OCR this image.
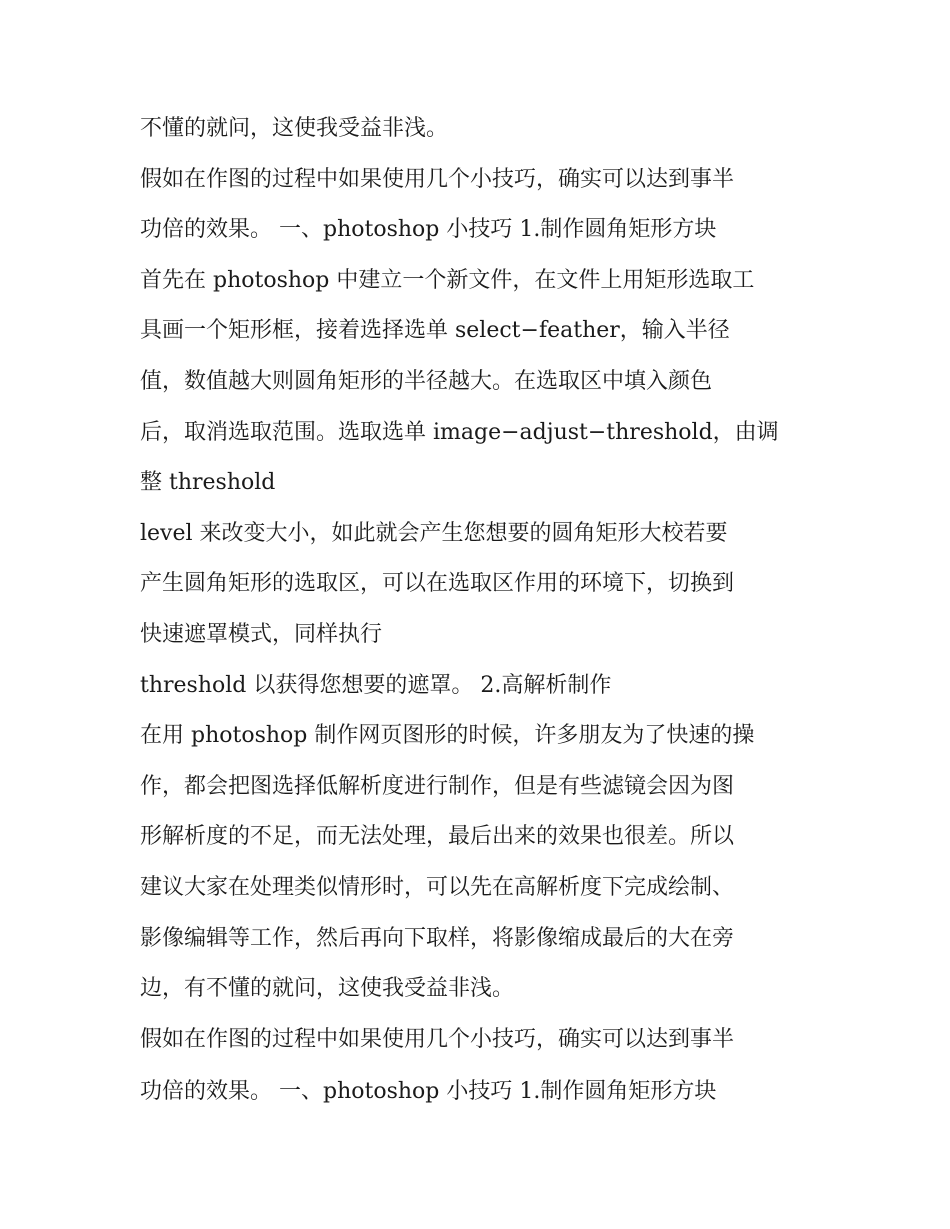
不懂的就问，这使我受益非浅。
假如在作图的过程中如果使用几个小技巧，确实可以达到事半
功倍的效果。 一、photoshop 小技巧 1.制作圆角矩形方块
首先在 photoshop 中建立一个新文件，在文件上用矩形选取工
具画一个矩形框，接着选择选单 select−feather，输入半径
值，数值越大则圆角矩形的半径越大。在选取区中填入颜色
后，取消选取范围。选取选单 image−adjust−threshold，由调
整 threshold
level 来改变大小，如此就会产生您想要的圆角矩形大校若要
产生圆角矩形的选取区，可以在选取区作用的环境下，切换到
快速遮罩模式，同样执行
threshold 以获得您想要的遮罩。 2.高解析制作
在用 photoshop 制作网页图形的时候，许多朋友为了快速的操
作，都会把图选择低解析度进行制作，但是有些滤镜会因为图
形解析度的不足，而无法处理，最后出来的效果也很差。所以
建议大家在处理类似情形时，可以先在高解析度下完成绘制、
影像编辑等工作，然后再向下取样，将影像缩成最后的大在旁
边，有不懂的就问，这使我受益非浅。
假如在作图的过程中如果使用几个小技巧，确实可以达到事半
功倍的效果。 一、photoshop 小技巧 1.制作圆角矩形方块
